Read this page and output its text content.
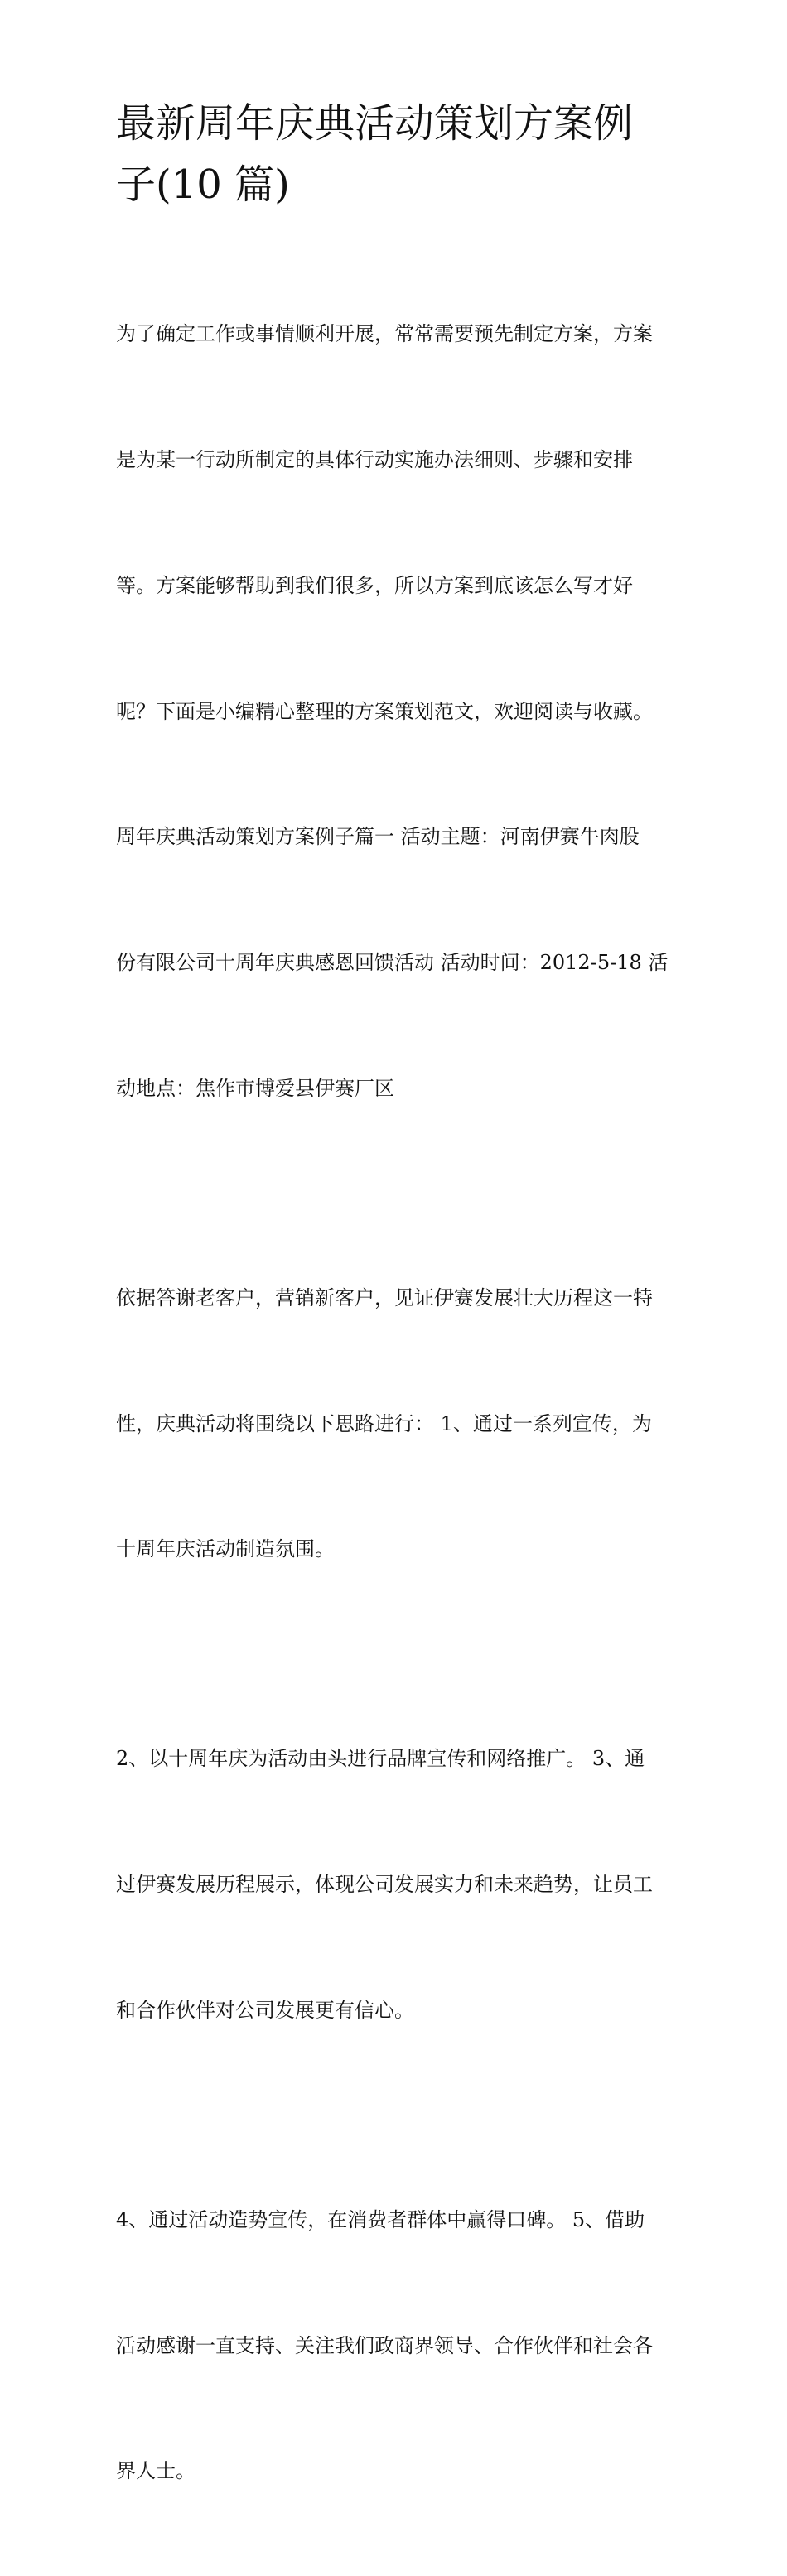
最新周年庆典活动策划方案例
子(10 篇)

为了确定工作或事情顺利开展，常常需要预先制定方案，方案

是为某一行动所制定的具体行动实施办法细则、步骤和安排

等。方案能够帮助到我们很多，所以方案到底该怎么写才好

呢？下面是小编精心整理的方案策划范文，欢迎阅读与收藏。

周年庆典活动策划方案例子篇一 活动主题：河南伊赛牛肉股

份有限公司十周年庆典感恩回馈活动 活动时间：2012-5-18 活

动地点：焦作市博爱县伊赛厂区

依据答谢老客户，营销新客户，见证伊赛发展壮大历程这一特

性，庆典活动将围绕以下思路进行： 1、通过一系列宣传，为

十周年庆活动制造氛围。

2、以十周年庆为活动由头进行品牌宣传和网络推广。 3、通

过伊赛发展历程展示，体现公司发展实力和未来趋势，让员工

和合作伙伴对公司发展更有信心。

4、通过活动造势宣传，在消费者群体中赢得口碑。 5、借助

活动感谢一直支持、关注我们政商界领导、合作伙伴和社会各

界人士。
